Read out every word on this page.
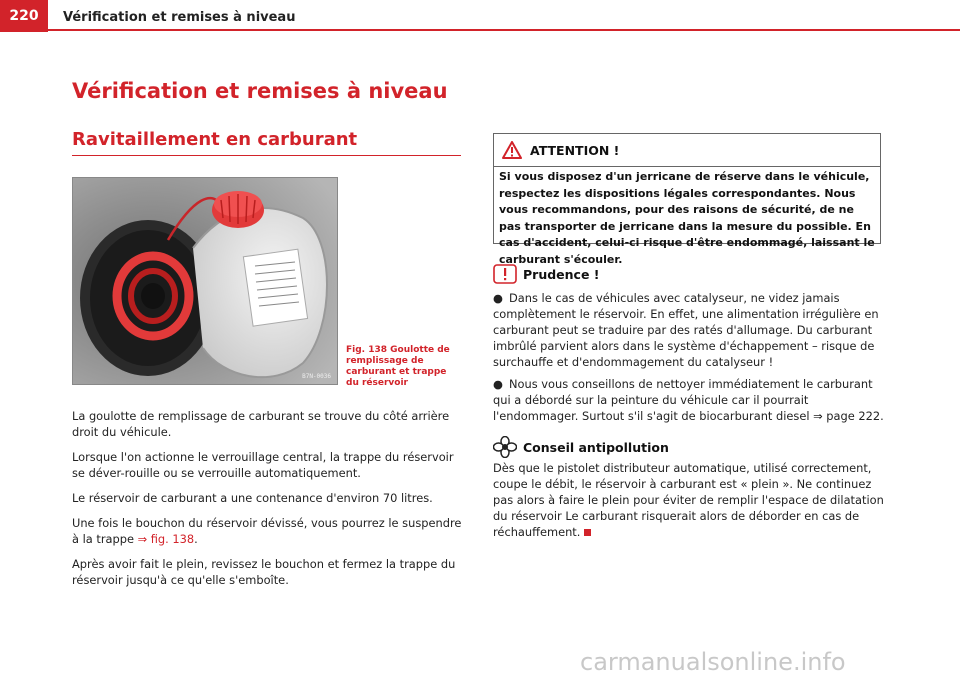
220	Vérification et remises à niveau
Vérification et remises à niveau
Ravitaillement en carburant
B7N-0036
Fig. 138 Goulotte de remplissage de carburant et trappe du réservoir

La goulotte de remplissage de carburant se trouve du côté arrière droit du véhicule.

Lorsque l'on actionne le verrouillage central, la trappe du réservoir se déver-rouille ou se verrouille automatiquement.

Le réservoir de carburant a une contenance d'environ 70 litres.

Une fois le bouchon du réservoir dévissé, vous pourrez le suspendre à la trappe ⇒ fig. 138.

Après avoir fait le plein, revissez le bouchon et fermez la trappe du réservoir jusqu'à ce qu'elle s'emboîte.

ATTENTION !
Si vous disposez d'un jerricane de réserve dans le véhicule, respectez les dispositions légales correspondantes. Nous vous recommandons, pour des raisons de sécurité, de ne pas transporter de jerricane dans la mesure du possible. En cas d'accident, celui-ci risque d'être endommagé, laissant le carburant s'écouler.
Prudence !

● Dans le cas de véhicules avec catalyseur, ne videz jamais complètement le réservoir. En effet, une alimentation irrégulière en carburant peut se traduire par des ratés d'allumage. Du carburant imbrûlé parvient alors dans le système d'échappement – risque de surchauffe et d'endommagement du catalyseur !

● Nous vous conseillons de nettoyer immédiatement le carburant qui a débordé sur la peinture du véhicule car il pourrait l'endommager. Surtout s'il s'agit de biocarburant diesel ⇒ page 222.

Conseil antipollution
Dès que le pistolet distributeur automatique, utilisé correctement, coupe le débit, le réservoir à carburant est « plein ». Ne continuez pas alors à faire le plein pour éviter de remplir l'espace de dilatation du réservoir Le carburant risquerait alors de déborder en cas de réchauffement.
carmanualsonline.info
